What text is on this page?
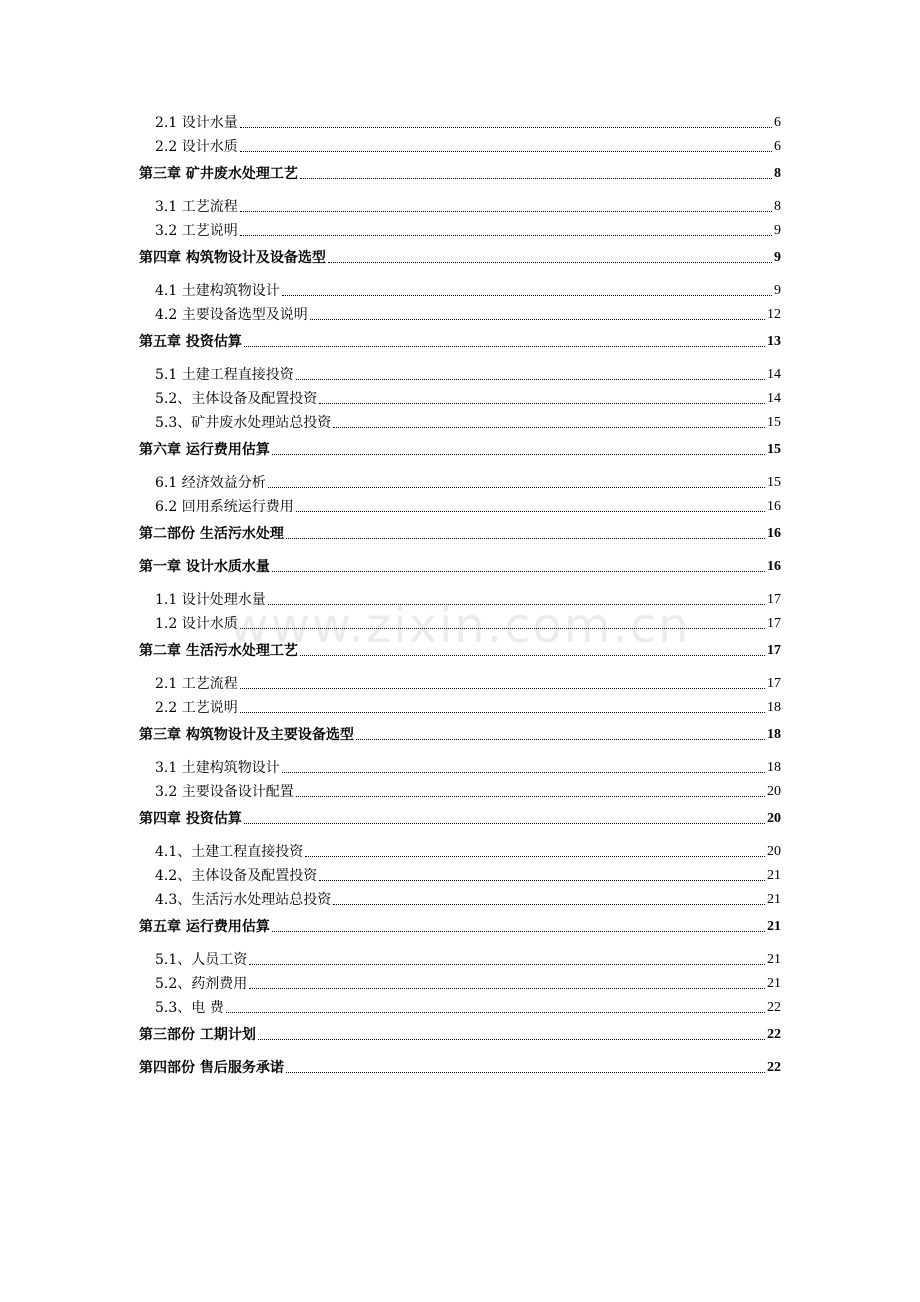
2.1 设计水量	6
2.2 设计水质	6
第三章 矿井废水处理工艺	8
3.1 工艺流程	8
3.2 工艺说明	9
第四章 构筑物设计及设备选型	9
4.1 土建构筑物设计	9
4.2 主要设备选型及说明	12
第五章 投资估算	13
5.1 土建工程直接投资	14
5.2、主体设备及配置投资	14
5.3、矿井废水处理站总投资	15
第六章 运行费用估算	15
6.1 经济效益分析	15
6.2 回用系统运行费用	16
第二部份 生活污水处理	16
第一章 设计水质水量	16
1.1 设计处理水量	17
1.2 设计水质	17
第二章 生活污水处理工艺	17
2.1 工艺流程	17
2.2 工艺说明	18
第三章 构筑物设计及主要设备选型	18
3.1 土建构筑物设计	18
3.2 主要设备设计配置	20
第四章 投资估算	20
4.1、土建工程直接投资	20
4.2、主体设备及配置投资	21
4.3、生活污水处理站总投资	21
第五章 运行费用估算	21
5.1、人员工资	21
5.2、药剂费用	21
5.3、电 费	22
第三部份 工期计划	22
第四部份 售后服务承诺	22
www.zixin.com.cn
